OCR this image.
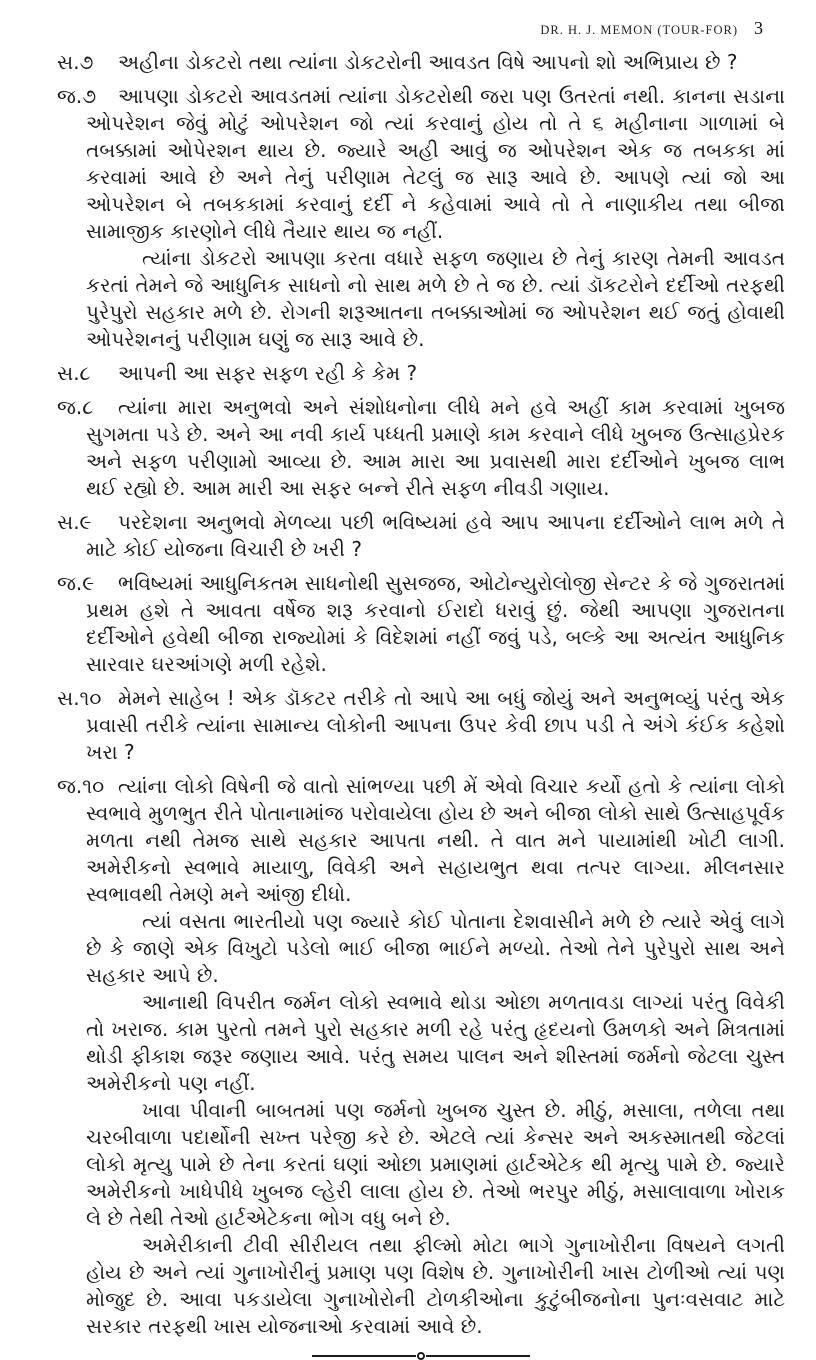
DR. H. J. MEMON (TOUR-FOR) 3
સ.૭	અહીના ડોકટરો તથા ત્યાંના ડોકટરોની આવડત વિષે આપનો શો અભિપ્રાય છે ?

જ.૭	આપણા ડોકટરો આવડતમાં ત્યાંના ડોકટરોથી જરા પણ ઉતરતાં નથી. કાનના સડાના ઓપરેશન જેવું મોટું ઓપરેશન જો ત્યાં કરવાનું હોય તો તે ૬ મહીનાના ગાળામાં બે તબક્કામાં ઓપેરશન થાય છે. જ્યારે અહી આવું જ ઓપરેશન એક જ તબકકા માં કરવામાં આવે છે અને તેનું પરીણામ તેટલું જ સારૂ આવે છે. આપણે ત્યાં જો આ ઓપરેશન બે તબકકામાં કરવાનું દર્દી ને કહેવામાં આવે તો તે નાણાકીય તથા બીજા સામાજીક કારણોને લીધે તૈયાર થાય જ નહીં.

ત્યાંના ડોકટરો આપણા કરતા વધારે સફળ જણાય છે તેનું કારણ તેમની આવડત કરતાં તેમને જે આધુનિક સાધનો નો સાથ મળે છે તે જ છે. ત્યાં ડૉકટરોને દર્દીઓ તરફથી પુરેપુરો સહકાર મળે છે. રોગની શરૂઆતના તબક્કાઓમાં જ ઓપરેશન થઈ જતું હોવાથી ઓપરેશનનું પરીણામ ઘણું જ સારૂ આવે છે.

સ.૮	આપની આ સફર સફળ રહી કે કેમ ?

જ.૮	ત્યાંના મારા અનુભવો અને સંશોધનોના લીધે મને હવે અહીં કામ કરવામાં ખુબજ સુગમતા પડે છે. અને આ નવી કાર્ય પધ્ધતી પ્રમાણે કામ કરવાને લીધે ખુબજ ઉત્સાહપ્રેરક અને સફળ પરીણામો આવ્યા છે. આમ મારા આ પ્રવાસથી મારા દર્દીઓને ખુબજ લાભ થઈ રહ્યો છે. આમ મારી આ સફર બન્ને રીતે સફળ નીવડી ગણાય.

સ.૯	પરદેશના અનુભવો મેળવ્યા પછી ભવિષ્યમાં હવે આપ આપના દર્દીઓને લાભ મળે તે માટે કોઈ યોજના વિચારી છે ખરી ?

જ.૯	ભવિષ્યમાં આધુનિકતમ સાધનોથી સુસજજ, ઓટોન્યુરોલોજી સેન્ટર કે જે ગુજરાતમાં પ્રથમ હશે તે આવતા વર્ષેજ શરૂ કરવાનો ઈરાદો ધરાવું છું. જેથી આપણા ગુજરાતના દર્દીઓને હવેથી બીજા રાજ્યોમાં કે વિદેશમાં નહીં જવું પડે, બલ્કે આ અત્યંત આધુનિક સારવાર ઘરઆંગણે મળી રહેશે.

સ.૧૦ મેમને સાહેબ ! એક ડૉકટર તરીકે તો આપે આ બધું જોયું અને અનુભવ્યું પરંતુ એક પ્રવાસી તરીકે ત્યાંના સામાન્ય લોકોની આપના ઉપર કેવી છાપ પડી તે અંગે કંઈક કહેશો ખરા ?

જ.૧૦ ત્યાંના લોકો વિષેની જે વાતો સાંભળ્યા પછી મેં એવો વિચાર કર્યો હતો કે ત્યાંના લોકો સ્વભાવે મુળભુત રીતે પોતાનામાંજ પરોવાયેલા હોય છે અને બીજા લોકો સાથે ઉત્સાહપૂર્વક મળતા નથી તેમજ સાથે સહકાર આપતા નથી. તે વાત મને પાયામાંથી ખોટી લાગી. અમેરીકનો સ્વભાવે માયાળુ, વિવેકી અને સહાયભુત થવા તત્પર લાગ્યા. મીલનસાર સ્વભાવથી તેમણે મને આંજી દીધો.

ત્યાં વસતા ભારતીયો પણ જ્યારે કોઈ પોતાના દેશવાસીને મળે છે ત્યારે એવું લાગે છે કે જાણે એક વિખુટો પડેલો ભાઈ બીજા ભાઈને મળ્યો. તેઓ તેને પુરેપુરો સાથ અને સહકાર આપે છે.

આનાથી વિપરીત જર્મન લોકો સ્વભાવે થોડા ઓછા મળતાવડા લાગ્યાં પરંતુ વિવેકી તો ખરાજ. કામ પુરતો તમને પુરો સહકાર મળી રહે પરંતુ હૃદયનો ઉમળકો અને મિત્રતામાં થોડી ફીકાશ જરૂર જણાય આવે. પરંતુ સમય પાલન અને શીસ્તમાં જર્મનો જેટલા ચુસ્ત અમેરીકનો પણ નહીં.

ખાવા પીવાની બાબતમાં પણ જર્મનો ખુબજ ચુસ્ત છે. મીઠું, મસાલા, તળેલા તથા ચરબીવાળા પદાર્થોની સખ્ત પરેજી કરે છે. એટલે ત્યાં કેન્સર અને અકસ્માતથી જેટલાં લોકો મૃત્યુ પામે છે તેના કરતાં ઘણાં ઓછા પ્રમાણમાં હાર્ટએટેક થી મૃત્યુ પામે છે. જ્યારે અમેરીકનો ખાધેપીધે ખુબજ લ્હેરી લાલા હોય છે. તેઓ ભરપુર મીઠું, મસાલાવાળા ખોરાક લે છે તેથી તેઓ હાર્ટએટેકના ભોગ વધુ બને છે.

અમેરીકાની ટીવી સીરીયલ તથા ફીલ્મો મોટા ભાગે ગુનાખોરીના વિષયને લગતી હોય છે અને ત્યાં ગુનાખોરીનું પ્રમાણ પણ વિશેષ છે. ગુનાખોરીની ખાસ ટોળીઓ ત્યાં પણ મોજુદ છે. આવા પકડાયેલા ગુનાખોરોની ટોળકીઓના કુટુંબીજનોના પુનઃવસવાટ માટે સરકાર તરફથી ખાસ યોજનાઓ કરવામાં આવે છે.
